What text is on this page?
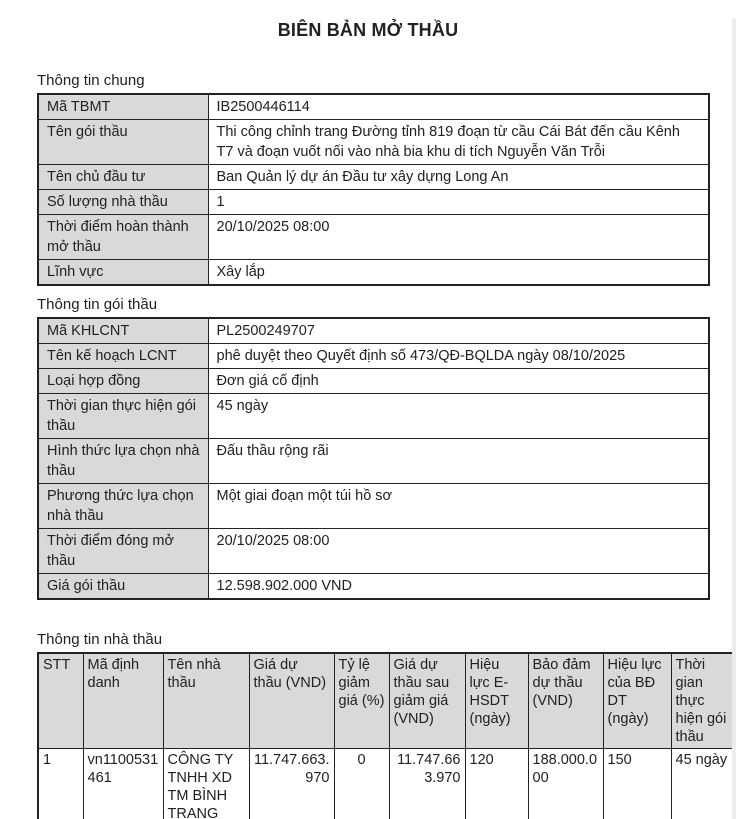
BIÊN BẢN MỞ THẦU
Thông tin chung
Mã TBMT	IB2500446114
Tên gói thầu	Thi công chỉnh trang Đường tỉnh 819 đoạn từ cầu Cái Bát đến cầu Kênh T7 và đoạn vuốt nối vào nhà bia khu di tích Nguyễn Văn Trỗi
Tên chủ đầu tư	Ban Quản lý dự án Đầu tư xây dựng Long An
Số lượng nhà thầu	1
Thời điểm hoàn thành mở thầu	20/10/2025 08:00
Lĩnh vực	Xây lắp
Thông tin gói thầu
Mã KHLCNT	PL2500249707
Tên kế hoạch LCNT	phê duyệt theo Quyết định số 473/QĐ-BQLDA ngày 08/10/2025
Loại hợp đồng	Đơn giá cố định
Thời gian thực hiện gói thầu	45 ngày
Hình thức lựa chọn nhà thầu	Đấu thầu rộng rãi
Phương thức lựa chọn nhà thầu	Một giai đoạn một túi hồ sơ
Thời điểm đóng mở thầu	20/10/2025 08:00
Giá gói thầu	12.598.902.000 VND
Thông tin nhà thầu
STT	Mã định danh	Tên nhà thầu	Giá dự thầu (VND)	Tỷ lệ giảm giá (%)	Giá dự thầu sau giảm giá (VND)	Hiệu lực E-HSDT (ngày)	Bảo đảm dự thầu (VND)	Hiệu lực của BĐ DT (ngày)	Thời gian thực hiện gói thầu
1	vn1100531461	CÔNG TY TNHH XD TM BÌNH TRANG	11.747.663.970	0	11.747.663.970	120	188.000.000	150	45 ngày
